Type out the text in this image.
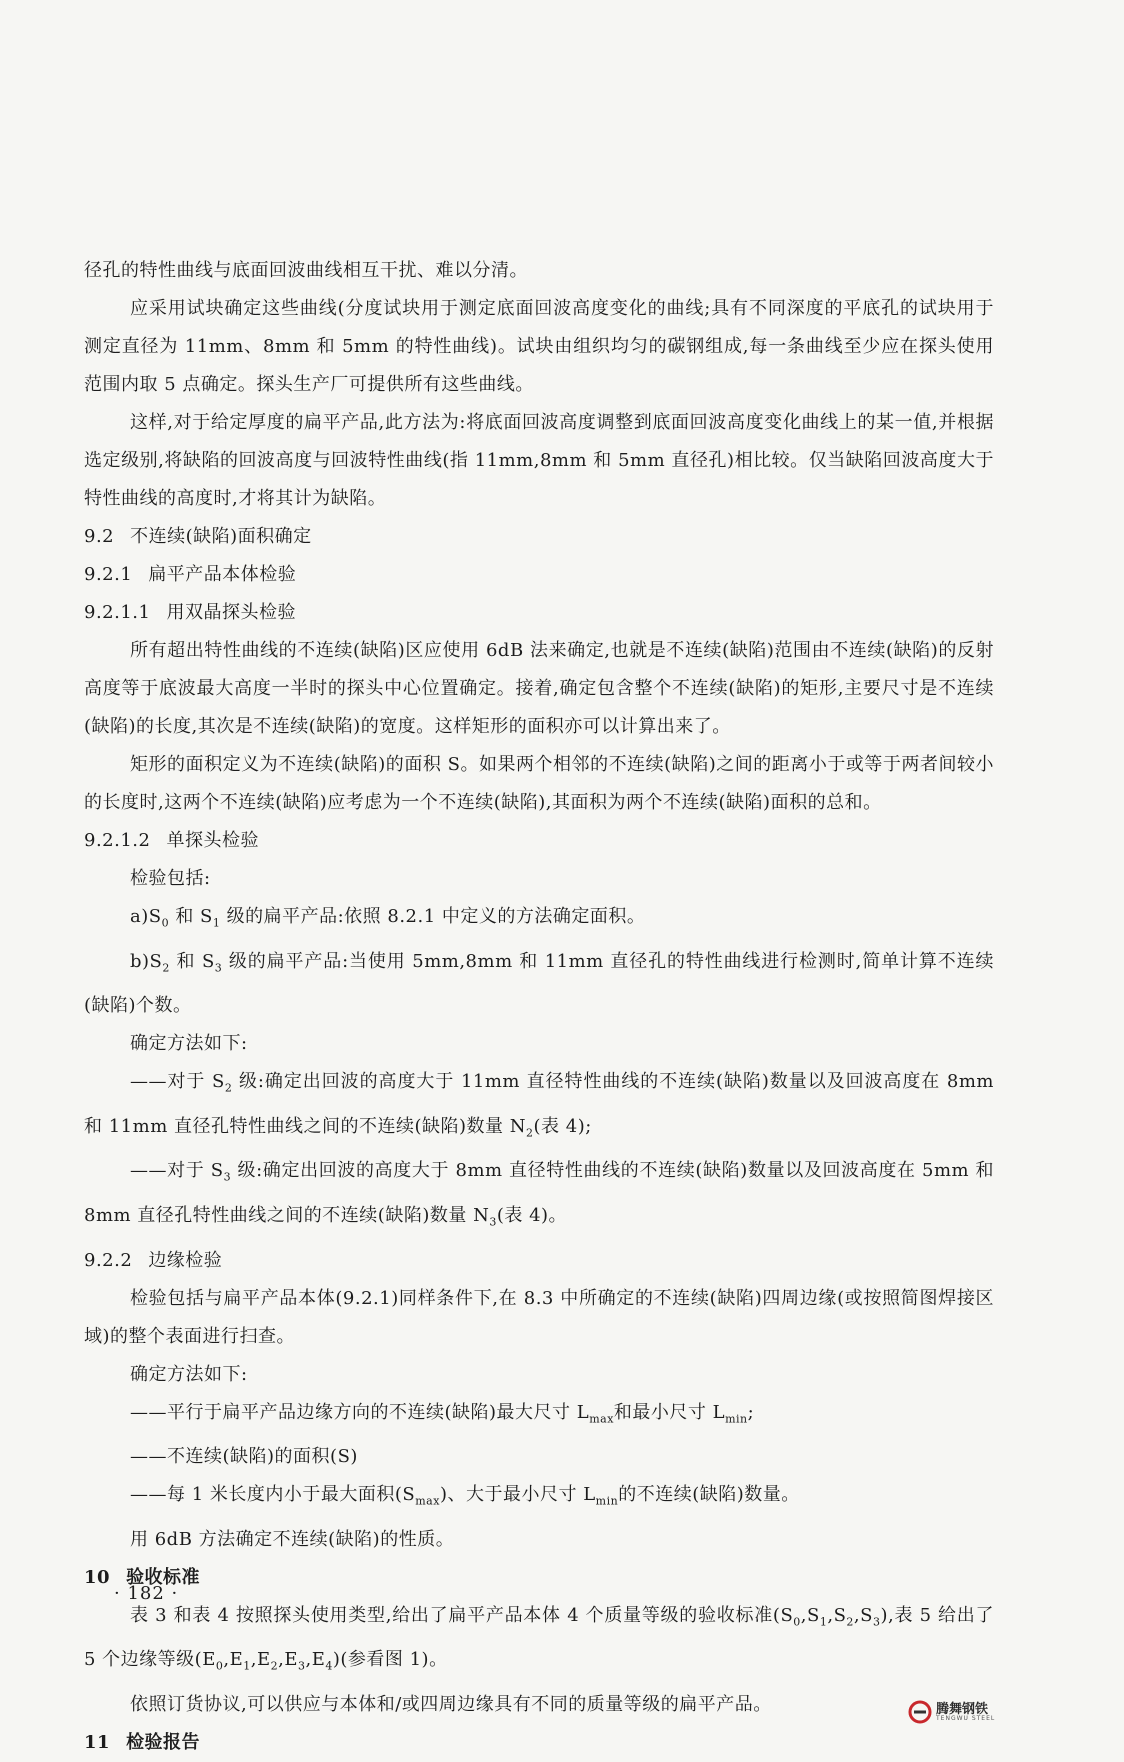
径孔的特性曲线与底面回波曲线相互干扰、难以分清。

应采用试块确定这些曲线(分度试块用于测定底面回波高度变化的曲线;具有不同深度的平底孔的试块用于测定直径为 11mm、8mm 和 5mm 的特性曲线)。试块由组织均匀的碳钢组成,每一条曲线至少应在探头使用范围内取 5 点确定。探头生产厂可提供所有这些曲线。

这样,对于给定厚度的扁平产品,此方法为:将底面回波高度调整到底面回波高度变化曲线上的某一值,并根据选定级别,将缺陷的回波高度与回波特性曲线(指 11mm,8mm 和 5mm 直径孔)相比较。仅当缺陷回波高度大于特性曲线的高度时,才将其计为缺陷。

9.2 不连续(缺陷)面积确定
9.2.1 扁平产品本体检验
9.2.1.1 用双晶探头检验

所有超出特性曲线的不连续(缺陷)区应使用 6dB 法来确定,也就是不连续(缺陷)范围由不连续(缺陷)的反射高度等于底波最大高度一半时的探头中心位置确定。接着,确定包含整个不连续(缺陷)的矩形,主要尺寸是不连续(缺陷)的长度,其次是不连续(缺陷)的宽度。这样矩形的面积亦可以计算出来了。

矩形的面积定义为不连续(缺陷)的面积 S。如果两个相邻的不连续(缺陷)之间的距离小于或等于两者间较小的长度时,这两个不连续(缺陷)应考虑为一个不连续(缺陷),其面积为两个不连续(缺陷)面积的总和。

9.2.1.2 单探头检验

检验包括:

$a)S_0$ 和 $S_1$ 级的扁平产品:依照 8.2.1 中定义的方法确定面积。

$b)S_2$ 和 $S_3$ 级的扁平产品:当使用 5mm,8mm 和 11mm 直径孔的特性曲线进行检测时,简单计算不连续(缺陷)个数。

确定方法如下:

——对于 $S_2$ 级:确定出回波的高度大于 11mm 直径特性曲线的不连续(缺陷)数量以及回波高度在 8mm 和 11mm 直径孔特性曲线之间的不连续(缺陷)数量 $N_2$(表 4);

——对于 $S_3$ 级:确定出回波的高度大于 8mm 直径特性曲线的不连续(缺陷)数量以及回波高度在 5mm 和 8mm 直径孔特性曲线之间的不连续(缺陷)数量 $N_3$(表 4)。

9.2.2 边缘检验

检验包括与扁平产品本体(9.2.1)同样条件下,在 8.3 中所确定的不连续(缺陷)四周边缘(或按照简图焊接区域)的整个表面进行扫查。

确定方法如下:

——平行于扁平产品边缘方向的不连续(缺陷)最大尺寸 $L_{max}$和最小尺寸 $L_{min}$;

——不连续(缺陷)的面积(S)

——每 1 米长度内小于最大面积$(S_{max})$、大于最小尺寸 $L_{min}$的不连续(缺陷)数量。

用 6dB 方法确定不连续(缺陷)的性质。

10 验收标准

表 3 和表 4 按照探头使用类型,给出了扁平产品本体 4 个质量等级的验收标准$(S_0,S_1,S_2,S_3)$,表 5 给出了 5 个边缘等级$(E_0,E_1,E_2,E_3,E_4)$(参看图 1)。

依照订货协议,可以供应与本体和/或四周边缘具有不同的质量等级的扁平产品。

11 检验报告
· 182 ·
腾舞钢铁
TENGWU STEEL
